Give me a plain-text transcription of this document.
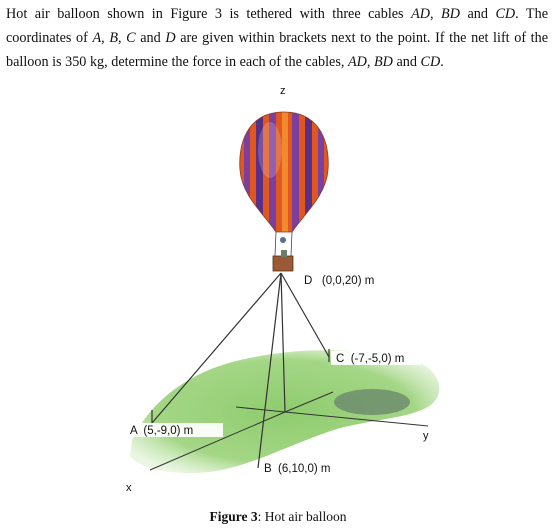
Hot air balloon shown in Figure 3 is tethered with three cables AD, BD and CD. The coordinates of A, B, C and D are given within brackets next to the point. If the net lift of the balloon is 350 kg, determine the force in each of the cables, AD, BD and CD.

z
y
x
D   (0,0,20) m
C  (-7,-5,0) m
A  (5,-9,0) m
B  (6,10,0) m
Figure 3: Hot air balloon
